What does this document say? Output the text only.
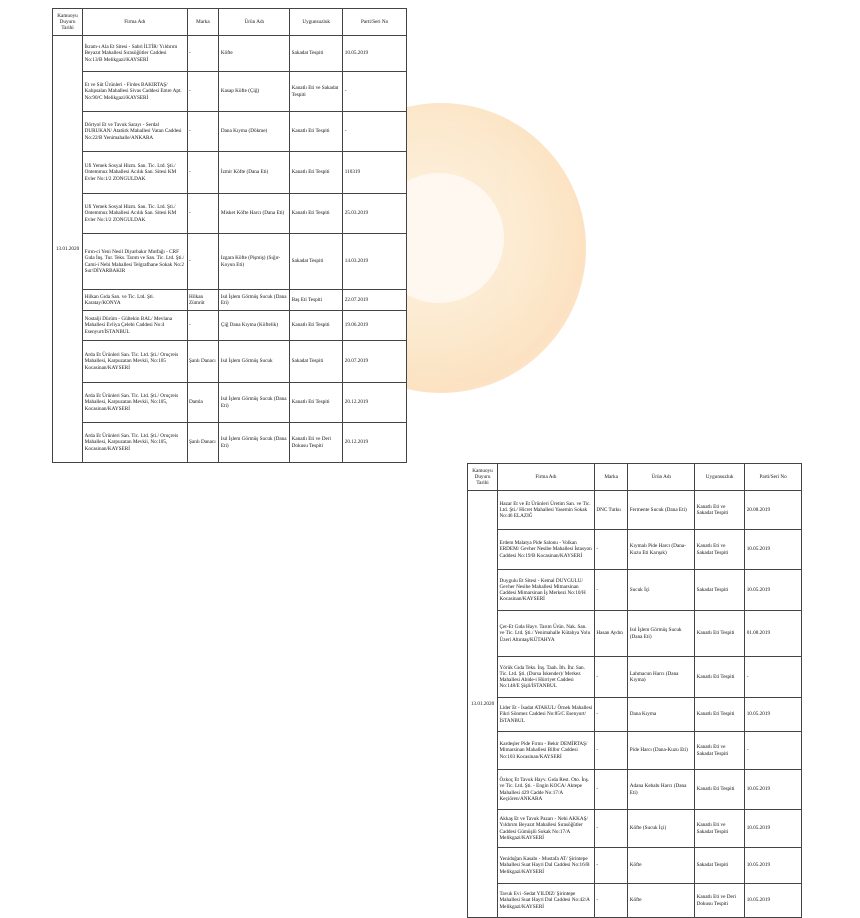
Kamuoyu Duyuru Tarihi	Firma Adı	Marka	Ürün Adı	Uygunsuzluk	Parti/Seri No
13.01.2020	İkram-ı Ala Et Sitesi - Sabri İLTİR/ Yıldırım Beyazıt Mahallesi Sırasöğütler Caddesi No:13/B Melikgazi/KAYSERİ	-	Köfte	Sakadat Tespiti	10.05.2019
	Et ve Süt Ürünleri - Firdes BAKIRTAŞ/ Kalıpsalan Mahallesi Sivas Caddesi Emre Apt. No:90/C Melikgazi/KAYSERİ	-	Kasap Köfte (Çiğ)	Kanatlı Eti ve Sakadat Tespiti	-
	Dörtyol Et ve Tavuk Sarayı - Serdal DURUKAN/ Atatürk Mahallesi Vatan Caddesi No:22/B Yenimahalle/ANKARA	-	Dana Kıyma (Dökme)	Kanatlı Eti Tespiti	-
	Ufi Yemek Sosyal Hizm. San. Tic. Ltd. Şti./ Ontemmuz Mahallesi Acılık San. Sitesi KM Evler No:1/2 ZONGULDAK	-	İzmir Köfte (Dana Eti)	Kanatlı Eti Tespiti	110319
	Ufi Yemek Sosyal Hizm. San. Tic. Ltd. Şti./ Ontemmuz Mahallesi Acılık San. Sitesi KM Evler No:1/2 ZONGULDAK	-	Misket Köfte Harcı (Dana Eti)	Kanatlı Eti Tespiti	25.03.2019
	Fırın-ci Yeni Nesil Diyarbakır Mutfağı - CRF Gıda İnş. Tur. Teks. Tarım ve San. Tic. Ltd. Şti./ Cami-i Nebi Mahallesi Telgrafhane Sokak No:2 Sur/DİYARBAKIR	-	Izgara Köfte (Pişmiş) (Sığır-Koyun Eti)	Sakadat Tespiti	14.03.2019
	Hilkan Gıda San. ve Tic. Ltd. Şti. Karatay/KONYA	Hilkan Zümrüt	Isıl İşlem Görmüş Sucuk (Dana Eti)	Baş Eti Tespiti	22.07.2019
	Nostalji Dürüm - Gültekin BAL/ Mevlana Mahallesi Evliya Çelebi Caddesi No:4 Esenyurt/İSTANBUL	-	Çiğ Dana Kıyma (Köftelik)	Kanatlı Eti Tespiti	19.06.2019
	Arda Et Ürünleri San. Tic. Ltd. Şti./ Oruçreis Mahallesi, Karpuzatan Mevkii, No:105 Kocasinan/KAYSERİ	Şanlı Danacı	Isıl İşlem Görmüş Sucuk	Sakadat Tespiti	20.07.2019
	Arda Et Ürünleri San. Tic. Ltd. Şti./ Oruçreis Mahallesi, Karpuzatan Mevkii, No:105, Kocasinan/KAYSERİ	Damla	Isıl İşlem Görmüş Sucuk (Dana Eti)	Kanatlı Eti Tespiti	20.12.2019
	Arda Et Ürünleri San. Tic. Ltd. Şti./ Oruçreis Mahallesi, Karpuzatan Mevkii, No:105, Kocasinan/KAYSERİ	Şanlı Danacı	Isıl İşlem Görmüş Sucuk (Dana Eti)	Kanatlı Eti ve Deri Dokusu Tespiti	20.12.2019
Kamuoyu Duyuru Tarihi	Firma Adı	Marka	Ürün Adı	Uygunsuzluk	Parti/Seri No
13.01.2020	Hazar Et ve Et Ürünleri Üretim San. ve Tic. Ltd. Şti./ Hicret Mahallesi Yasemin Sokak No:46 ELAZIĞ	DNC Tutku	Fermente Sucuk (Dana Eti)	Kanatlı Eti ve Sakadat Tespiti	20.08.2019
	Erdem Malatya Pide Salonu - Volkan ERDEM/ Gevher Nesibe Mahallesi İstasyon Caddesi No:19/B Kocasinan/KAYSERİ	-	Kıymalı Pide Harcı (Dana-Kuzu Eti Karışık)	Kanatlı Eti ve Sakadat Tespiti	10.05.2019
	Duygulu Et Sitesi - Kemal DUYGULU/ Gevher Nesibe Mahallesi Mimarsinan Caddesi Mimarsinan İş Merkezi No:10/H Kocasinan/KAYSERİ	-	Sucuk İçi	Sakadat Tespiti	10.05.2019
	Çer-Et Gıda Hayv. Tarım Ürün. Nak. San. ve Tic. Ltd. Şti./ Yenimahalle Kütahya Yolu Üzeri Altıntaş/KÜTAHYA	Hasan Aydın	Isıl İşlem Görmüş Sucuk (Dana Eti)	Kanatlı Eti Tespiti	01.08.2019
	Yörük Gıda Teks. İnş. Taah. İth. İhr. San. Tic. Ltd. Şti. (Dursa İskender)/ Merkez Mahallesi Abide-i Hürriyet Caddesi No:148/E Şişli/İSTANBUL	-	Lahmacun Harcı (Dana Kıyma)	Kanatlı Eti Tespiti	-
	Lider Et - İsadat ATAKUL/ Örnek Mahallesi Fikri Sönmez Caddesi No:85/C Esenyurt/İSTANBUL	-	Dana Kıyma	Kanatlı Eti Tespiti	10.05.2019
	Kardeşler Pide Fırını - Bekir DEMİRTAŞ/ Mimarsinan Mahallesi Bilbır Caddesi No:103 Kocasinan/KAYSERİ	-	Pide Harcı (Dana-Kuzu Eti)	Kanatlı Eti ve Sakadat Tespiti	-
	Özkoç Et Tavuk Hayv. Gıda Rest. Oto. İnş. ve Tic. Ltd. Şti. - Engin KOCA/ Aktepe Mahallesi 429 Cadde No:17/A Keçiören/ANKARA	-	Adana Kebabı Harcı (Dana Eti)	Kanatlı Eti Tespiti	10.05.2019
	Akkaş Et ve Tavuk Pazarı - Nebi AKKAŞ/ Yıldırım Beyazıt Mahallesi Sırasöğütler Caddesi Gümüşlü Sokak No:17/A Melikgazi/KAYSERİ	-	Köfte (Sucuk İçi)	Kanatlı Eti ve Sakadat Tespiti	10.05.2019
	Yenidoğan Kasabı - Mustafa AT/ Şirintepe Mahallesi Suat Hayri Dal Caddesi No:16/B Melikgazi/KAYSERİ	-	Köfte	Sakadat Tespiti	10.05.2019
	Tavuk Evi -Sedat YILDIZ/ Şirintepe Mahallesi Suat Hayri Dal Caddesi No:42/A Melikgazi/KAYSERİ	-	Köfte	Kanatlı Eti ve Deri Dokusu Tespiti	10.05.2019
